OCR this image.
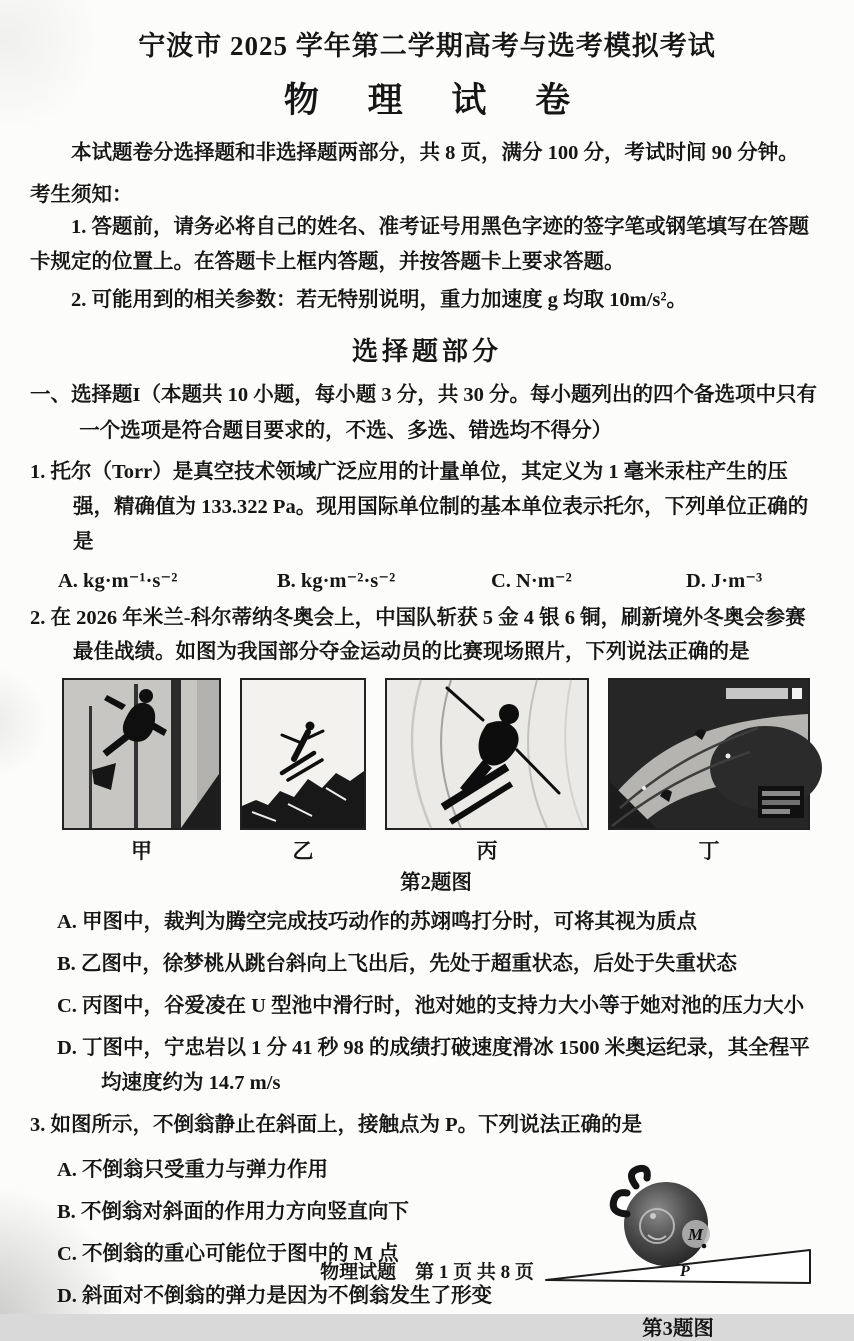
宁波市 2025 学年第二学期高考与选考模拟考试
物 理 试 卷

本试题卷分选择题和非选择题两部分，共 8 页，满分 100 分，考试时间 90 分钟。

考生须知：

1. 答题前，请务必将自己的姓名、准考证号用黑色字迹的签字笔或钢笔填写在答题卡规定的位置上。在答题卡上框内答题，并按答题卡上要求答题。

2. 可能用到的相关参数：若无特别说明，重力加速度 g 均取 10m/s²。

选择题部分

一、选择题I（本题共 10 小题，每小题 3 分，共 30 分。每小题列出的四个备选项中只有一个选项是符合题目要求的，不选、多选、错选均不得分）

1. 托尔（Torr）是真空技术领域广泛应用的计量单位，其定义为 1 毫米汞柱产生的压强，精确值为 133.322 Pa。现用国际单位制的基本单位表示托尔，下列单位正确的是

A. kg·m⁻¹·s⁻²	B. kg·m⁻²·s⁻²	C. N·m⁻²	D. J·m⁻³

2. 在 2026 年米兰-科尔蒂纳冬奥会上，中国队斩获 5 金 4 银 6 铜，刷新境外冬奥会参赛最佳战绩。如图为我国部分夺金运动员的比赛现场照片，下列说法正确的是

甲	乙	丙	丁
第2题图

A. 甲图中，裁判为腾空完成技巧动作的苏翊鸣打分时，可将其视为质点

B. 乙图中，徐梦桃从跳台斜向上飞出后，先处于超重状态，后处于失重状态

C. 丙图中，谷爱凌在 U 型池中滑行时，池对她的支持力大小等于她对池的压力大小

D. 丁图中，宁忠岩以 1 分 41 秒 98 的成绩打破速度滑冰 1500 米奥运纪录，其全程平均速度约为 14.7 m/s

3. 如图所示，不倒翁静止在斜面上，接触点为 P。下列说法正确的是

A. 不倒翁只受重力与弹力作用

B. 不倒翁对斜面的作用力方向竖直向下

C. 不倒翁的重心可能位于图中的 M 点

D. 斜面对不倒翁的弹力是因为不倒翁发生了形变

M
P
第3题图
物理试题　第 1 页 共 8 页
